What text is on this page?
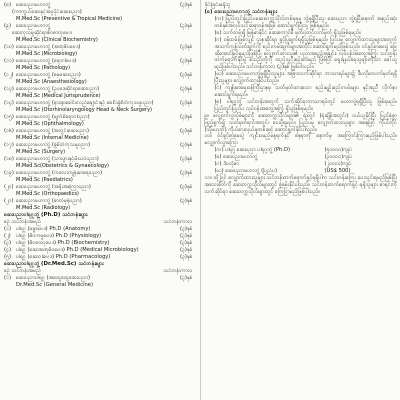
(၈) ဆေးပညာမဟာဘွဲ့	(၃)နှစ်
(ကာကွယ်ဆေးနှင့်အပူပိုင်းဆေးပညာ)
M.Med.Sc (Preventive & Tropical Medicine)
(၉) ဆေးပညာမဟာဘွဲ့	(၃)နှစ်
ဆေးကုသမှုဆိုင်ရာဇီဝဓာတုဗေဒ
M.Med.Sc (Clinical Biochemistry)
(၁၀) ဆေးပညာမဟာဘွဲ့ (အဏုဇီဝဗေဒ)	(၃)နှစ်
M.Med.Sc (Microbiology)
(၁၁) ဆေးပညာမဟာဘွဲ့ (ရောဂါဗေဒ)	(၃)နှစ်
M.Med.Sc (Pathology)
(၁၂) ဆေးပညာမဟာဘွဲ့ (မေ့ဆေးပညာ)	(၃)နှစ်
M.Med.Sc (Anaesthesiology)
(၁၃) ဆေးပညာမဟာဘွဲ့ (ဥပဒေဆိုင်ရာဆေးပညာ)	(၃)နှစ်
M.Med.Sc (Medical Jurisprudence)
(၁၄) ဆေးပညာမဟာဘွဲ့ (နား၊နှာခေါင်း၊လည်ချောင်းနှင့် ခေါင်းခွဲစိတ်ကုသမှုပညာ)	(၃)နှစ်
M.Med.Sc (Otorhinolaryngology Head & Neck Surgery)
(၁၅) ဆေးပညာမဟာဘွဲ့ (မျက်စိရောဂါပညာ)	(၃)နှစ်
M.Med.Sc (Ophthalmology)
(၁၆) ဆေးပညာမဟာဘွဲ့ (အတွင်းဆေးပညာ)	(၃)နှစ်
M.Med.Sc (Internal Medicine)
(၁၇) ဆေးပညာမဟာဘွဲ့ (ခွဲစိတ်ကုသမှုပညာ)	(၃)နှစ်
M.Med.Sc (Surgery)
(၁၈) ဆေးပညာမဟာဘွဲ့ (သားဖွားနှင့်မီးယပ်ပညာ)	(၃)နှစ်
M.Med.Sc(Obstetrics & Gynaecology)
(၁၉) ဆေးပညာမဟာဘွဲ့ (ကလေးကျန်းမာရေးပညာ)	(၃)နှစ်
M.Med.Sc (Paediatrics)
(၂၀) ဆေးပညာမဟာဘွဲ့ (အရိုးအကြောပညာ)	(၃)နှစ်
M.Med.Sc (Orthopaedics)
(၂၁) ဆေးပညာမဟာဘွဲ့ (ဓာတ်မှန်ပညာ)	(၃)နှစ်
M.Med.Sc (Radiology)
ဆေးပညာပါရဂူဘွဲ့ (Ph.D) သင်တန်းများ
စဉ် သင်တန်းအမည်	သင်တန်းကာလ
(၁) ပါရဂူ (ခန္ဓာဗေဒ) Ph.D (Anatomy)	(၃)နှစ်
(၂) ပါရဂူ (ဇီဝကမ္မဗေဒ) Ph.D (Physiology)	(၃)နှစ်
(၃) ပါရဂူ (ဇီဝဓာတုဗေဒ) Ph.D (Biochemistry)	(၃)နှစ်
(၄) ပါရဂူ (ဆေးအဏုဇီဝဗေဒ) Ph.D (Medical Microbiology)	(၃)နှစ်
(၅) ပါရဂူ (ဆေးဝါးဗေဒ) Ph.D (Pharmacology)	(၃)နှစ်
ဆေးပညာပါရဂူဘွဲ့ (Dr.Med.Sc) သင်တန်းများ
စဉ် သင်တန်းအမည်	သင်တန်းကာလ
(၁) ဆေးပညာပါရဂူ (အထွေထွေဆေးပညာ)	(၃)နှစ်
Dr.Med.Sc (General Medicine)
ခိုင်းခြင်းမရှိသူ
(၈) ဆေးပညာမဟာဘွဲ့ သင်တန်းများ
(က) ပြည်တွင်းပြည်ပဆေးတက္ကသိုလ်တစ်ခုခုမှ ဘွဲ့ရရှိပြီးသူ၊ ဆေးပညာ ဘွဲ့ရပြီးနောက် အနည်းဆုံး တစ်နှစ်အလုပ်သင်ဆရာဝန်အဖြစ် ဆောင်ရွက်ပြီးသူ ဖြစ်ရမည်။
(ခ) သက်တမ်းရှိ မြန်မာနိုင်ငံ ဆေးကောင်စီ မှတ်ပုံတင်လက်မှတ် ရှိသူဖြစ်ရမည်။
(ဂ) ဝန်ထမ်းဖြစ်လျှင် ဌာနဆိုင်ရာ ခွင့်ပြုချက်ရရှိသူဖြစ်ရမည်။ ပြင်ပမှ လျှောက်ထားသူများအတွက် အသက်ကန့်သတ်ချက်ကို စည်းကမ်းချက်များအတိုင်း ဆောင်ရွက်မည်ဖြစ်သည်။ ဝင်ခွင့်စာမေးပွဲ ဖြေဆိုအောင်မြင်ရမည်ဖြစ်ပြီး လျှောက်ထားသူ၏ ပညာအရည်အချင်း၊ လုပ်ငန်းအတွေ့အကြုံ၊ သင်တန်းတက်ရောက်နိုင်မှု စသည်တို့ကို ထည့်သွင်းစဉ်းစားမည် ဖြစ်ပြီး ရွေးချယ်ခံရသူများကိုသာ ခေါ်ယူမည်ဖြစ်ပါသည်။ သင်တန်းကာလ (၃)နှစ် ဖြစ်ပါသည်။
(ဃ) ဆေးပညာမဟာဘွဲ့ရရှိပြီးသူများ၊ အခြားသက်ဆိုင်ရာ ဘာသာရပ်များ၌ ဒီပလိုမာလက်မှတ်ရရှိပြီးသူများ လျှောက်ထားနိုင်ပါသည်။
(င) ကျန်းမာရေးဝန်ကြီးဌာနမှ သတ်မှတ်ထားသော စည်းမျဉ်းစည်းကမ်းများ နှင့်အညီ လိုက်နာဆောင်ရွက်ရမည်။
(စ) ပါရဂူဘွဲ့ သင်တန်းအတွက် သက်ဆိုင်ရာဘာသာရပ်တွင် မဟာဘွဲ့ရရှိပြီးသူ ဖြစ်ရမည်။ ပြည်တွင်းပြည်ပ လုပ်ငန်းအတွေ့အကြုံ ရှိသူဖြစ်ရမည်။
၉။ လျှောက်လွှာပုံစံများကို ဆေးတက္ကသိုလ်များ၏ ရုံးတွင် (ရုံးချိန်အတွင်း) ဝယ်ယူနိုင်ပြီး ပြည့်စုံစွာ ဖြည့်စွက်၍ သတ်မှတ်ရက်အတွင်း ပေးပို့ရမည်။ ပြည်ပမှ လျှောက်ထားသူများ အနေဖြင့် ကိုယ်တိုင် (သို့မဟုတ်) ကိုယ်စားလှယ်မှတစ်ဆင့် ဆောင်ရွက်နိုင်ပါသည်။
၁၀။ ဝင်ခွင့်စာမေးပွဲ ကျင်းပမည့်နေ့ရက်နှင့် နေရာကို နောက်မှ အကြောင်းကြားမည်ဖြစ်ပါသည်။ လျှောက်လွှာကြေး
(က) ပါရဂူ ဆေးပညာ ပါရဂူဘွဲ့ (Ph.D)	(၅၀၀၀၀)ကျပ်
(ခ) ဆေးပညာမဟာဘွဲ့	(၃၀၀၀၀)ကျပ်
(ဂ) ဒီပလိုမာ	(၂၀၀၀၀)ကျပ်
(ဃ) ဆေးပညာမဟာဘွဲ့ (ပြည်ပ)	(US$ 500)
၁၁။ ထို့ပြင် လျှောက်ထားသူများ သင်တန်းတက်ရောက်ခွင့်ရရှိပါက သင်တန်းကြေး ပေးသွင်းရမည်ဖြစ်ပြီး အသေးစိတ်ကို ဆေးတက္ကသိုလ်များတွင် စုံစမ်းနိုင်ပါသည်။ သင်တန်းတက်ရောက်ခွင့် ရရှိသူများ စာရင်းကို သက်ဆိုင်ရာ ဆေးတက္ကသိုလ်များတွင် ကြေငြာမည်ဖြစ်ပါသည်။
